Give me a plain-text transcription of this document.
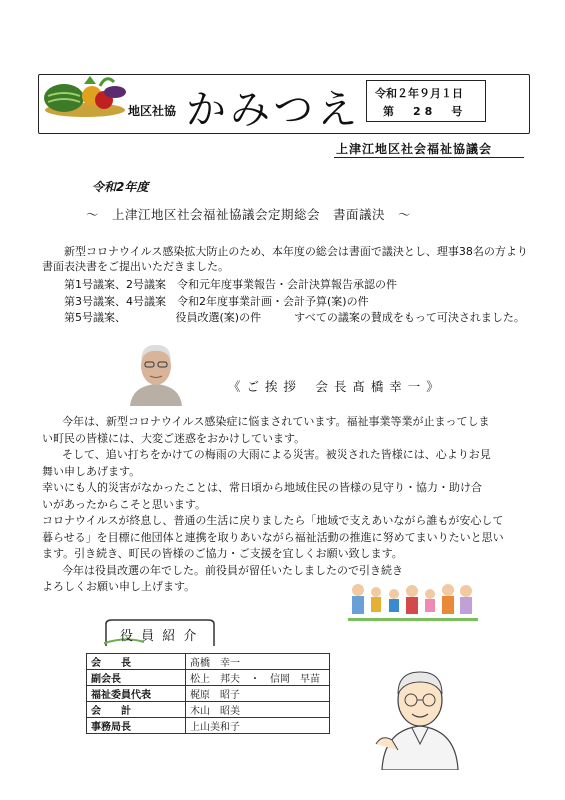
地区社協 かみつえ 令和２年９月１日
第　28　号
上津江地区社会福祉協議会
令和2年度
～　上津江地区社会福祉協議会定期総会　書面議決　～
新型コロナウイルス感染拡大防止のため、本年度の総会は書面で議決とし、理事38名の方より
書面表決書をご提出いただきました。
第1号議案、2号議案　令和元年度事業報告・会計決算報告承認の件
第3号議案、4号議案　令和2年度事業計画・会計予算(案)の件
第5号議案、　　　　　役員改選(案)の件　　　すべての議案の賛成をもって可決されました。
《 ご 挨 拶　 会 長 髙 橋 幸 一 》
今年は、新型コロナウイルス感染症に悩まされています。福祉事業等業が止まってしま
い町民の皆様には、大変ご迷惑をおかけしています。
そして、追い打ちをかけての梅雨の大雨による災害。被災された皆様には、心よりお見
舞い申しあげます。
幸いにも人的災害がなかったことは、常日頃から地域住民の皆様の見守り・協力・助け合
いがあったからこそと思います。
コロナウイルスが終息し、普通の生活に戻りましたら「地域で支えあいながら誰もが安心して
暮らせる」を目標に他団体と連携を取りあいながら福祉活動の推進に努めてまいりたいと思い
ます。引き続き、町民の皆様のご協力・ご支援を宜しくお願い致します。
今年は役員改選の年でした。前役員が留任いたしましたので引き続き
よろしくお願い申し上げます。
役 員 紹 介
会　　長	髙橋　幸一
副会長	松上　邦夫　・　信岡　早苗
福祉委員代表	梶原　昭子
会　　計	木山　昭美
事務局長	上山美和子
